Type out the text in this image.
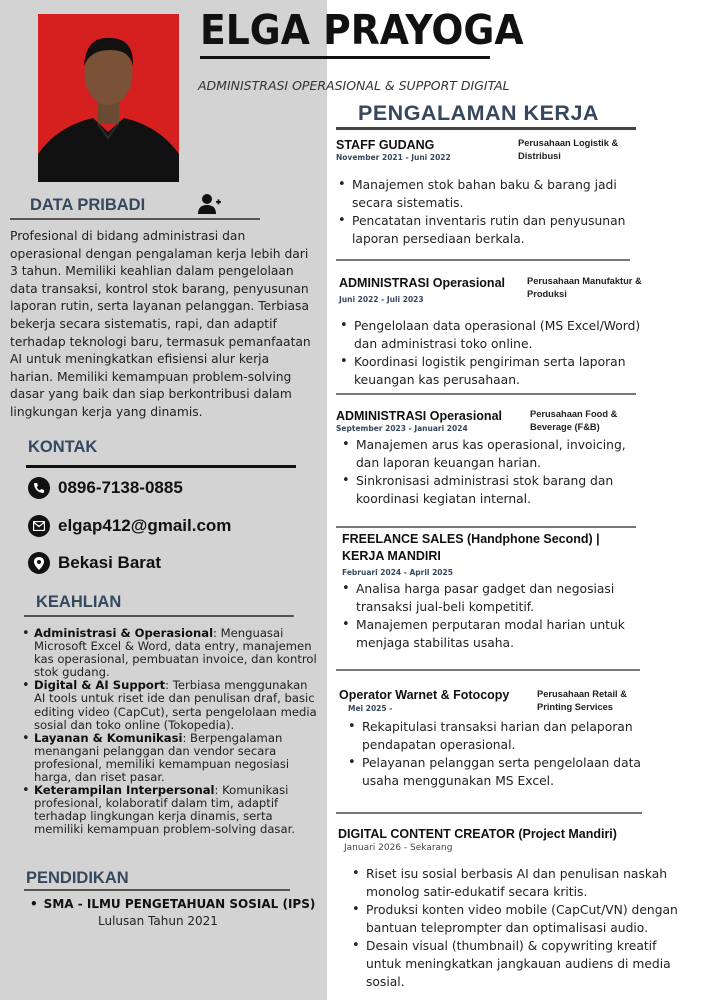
ELGA PRAYOGA
ADMINISTRASI OPERASIONAL & SUPPORT DIGITAL
DATA PRIBADI
Profesional di bidang administrasi dan operasional dengan pengalaman kerja lebih dari 3 tahun. Memiliki keahlian dalam pengelolaan data transaksi, kontrol stok barang, penyusunan laporan rutin, serta layanan pelanggan. Terbiasa bekerja secara sistematis, rapi, dan adaptif terhadap teknologi baru, termasuk pemanfaatan AI untuk meningkatkan efisiensi alur kerja harian. Memiliki kemampuan problem-solving dasar yang baik dan siap berkontribusi dalam lingkungan kerja yang dinamis.
KONTAK
0896-7138-0885
elgap412@gmail.com
Bekasi Barat
KEAHLIAN
• Administrasi & Operasional: Menguasai Microsoft Excel & Word, data entry, manajemen kas operasional, pembuatan invoice, dan kontrol stok gudang.
• Digital & AI Support: Terbiasa menggunakan AI tools untuk riset ide dan penulisan draf, basic editing video (CapCut), serta pengelolaan media sosial dan toko online (Tokopedia).
• Layanan & Komunikasi: Berpengalaman menangani pelanggan dan vendor secara profesional, memiliki kemampuan negosiasi harga, dan riset pasar.
• Keterampilan Interpersonal: Komunikasi profesional, kolaboratif dalam tim, adaptif terhadap lingkungan kerja dinamis, serta memiliki kemampuan problem-solving dasar.
PENDIDIKAN
• SMA - ILMU PENGETAHUAN SOSIAL (IPS)
Lulusan Tahun 2021
PENGALAMAN KERJA
STAFF GUDANG
November 2021 - Juni 2022
Perusahaan Logistik & Distribusi
• Manajemen stok bahan baku & barang jadi secara sistematis.
• Pencatatan inventaris rutin dan penyusunan laporan persediaan berkala.
ADMINISTRASI Operasional
Juni 2022 - Juli 2023
Perusahaan Manufaktur & Produksi
• Pengelolaan data operasional (MS Excel/Word) dan administrasi toko online.
• Koordinasi logistik pengiriman serta laporan keuangan kas perusahaan.
ADMINISTRASI Operasional
September 2023 - Januari 2024
Perusahaan Food & Beverage (F&B)
• Manajemen arus kas operasional, invoicing, dan laporan keuangan harian.
• Sinkronisasi administrasi stok barang dan koordinasi kegiatan internal.
FREELANCE SALES (Handphone Second) | KERJA MANDIRI
Februari 2024 - April 2025
• Analisa harga pasar gadget dan negosiasi transaksi jual-beli kompetitif.
• Manajemen perputaran modal harian untuk menjaga stabilitas usaha.
Operator Warnet & Fotocopy
Mei 2025 -
Perusahaan Retail & Printing Services
• Rekapitulasi transaksi harian dan pelaporan pendapatan operasional.
• Pelayanan pelanggan serta pengelolaan data usaha menggunakan MS Excel.
DIGITAL CONTENT CREATOR (Project Mandiri)
Januari 2026 - Sekarang
• Riset isu sosial berbasis AI dan penulisan naskah monolog satir-edukatif secara kritis.
• Produksi konten video mobile (CapCut/VN) dengan bantuan teleprompter dan optimalisasi audio.
• Desain visual (thumbnail) & copywriting kreatif untuk meningkatkan jangkauan audiens di media sosial.
